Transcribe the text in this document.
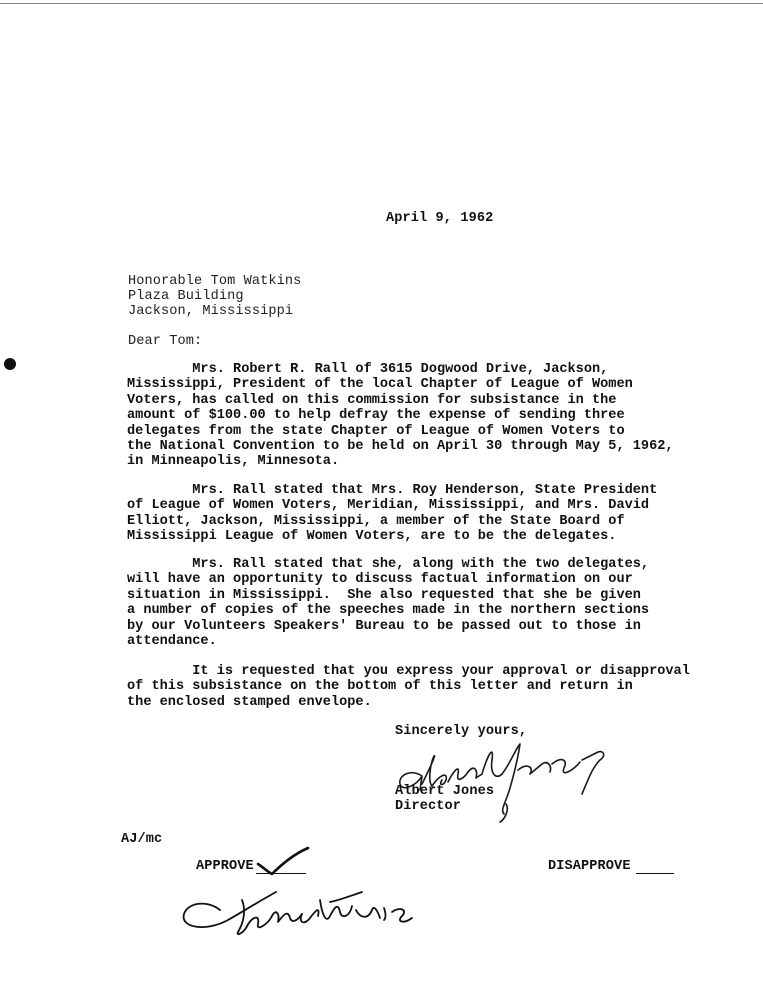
April 9, 1962
Honorable Tom Watkins
Plaza Building
Jackson, Mississippi
Dear Tom:
Mrs. Robert R. Rall of 3615 Dogwood Drive, Jackson,
Mississippi, President of the local Chapter of League of Women
Voters, has called on this commission for subsistance in the
amount of $100.00 to help defray the expense of sending three
delegates from the state Chapter of League of Women Voters to
the National Convention to be held on April 30 through May 5, 1962,
in Minneapolis, Minnesota.
Mrs. Rall stated that Mrs. Roy Henderson, State President
of League of Women Voters, Meridian, Mississippi, and Mrs. David
Elliott, Jackson, Mississippi, a member of the State Board of
Mississippi League of Women Voters, are to be the delegates.
Mrs. Rall stated that she, along with the two delegates,
will have an opportunity to discuss factual information on our
situation in Mississippi.  She also requested that she be given
a number of copies of the speeches made in the northern sections
by our Volunteers Speakers' Bureau to be passed out to those in
attendance.
It is requested that you express your approval or disapproval
of this subsistance on the bottom of this letter and return in
the enclosed stamped envelope.
Sincerely yours,
Albert Jones
Director
AJ/mc
APPROVE	DISAPPROVE
